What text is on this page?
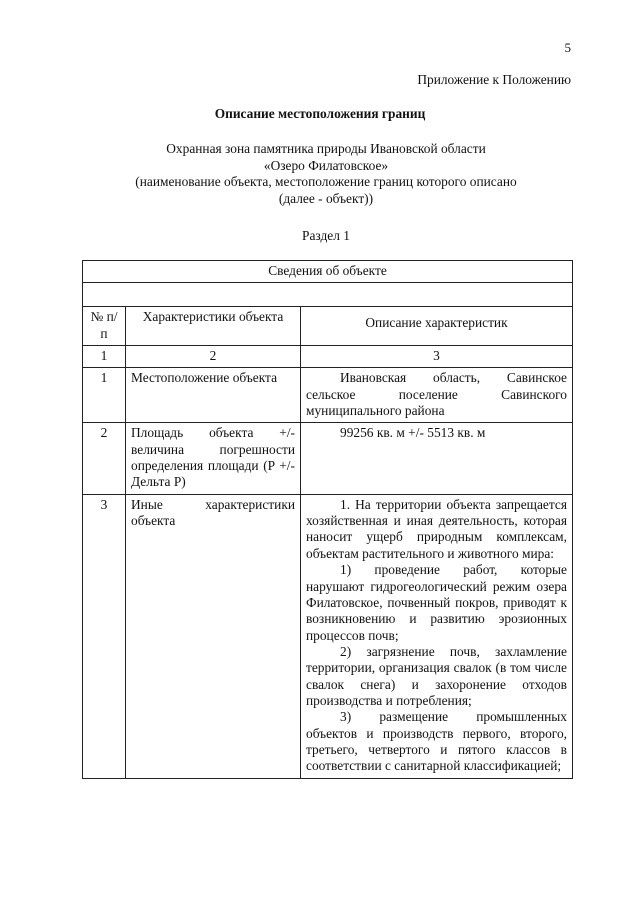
5
Приложение к Положению
Описание местоположения границ
Охранная зона памятника природы Ивановской области
«Озеро Филатовское»
(наименование объекта, местоположение границ которого описано
(далее - объект))
Раздел 1
Сведения об объекте		

№ п/п	Характеристики объекта	Описание характеристик
1	2	3
1	Местоположение объекта	Ивановская область, Савинское сельское поселение Савинского муниципального района

2	Площадь объекта +/- величина погрешности определения площади (P +/- Дельта P)	99256 кв. м +/- 5513 кв. м

3	Иные характеристики объекта	1. На территории объекта запрещается хозяйственная и иная деятельность, которая наносит ущерб природным комплексам, объектам растительного и животного мира:

1) проведение работ, которые нарушают гидрогеологический режим озера Филатовское, почвенный покров, приводят к возникновению и развитию эрозионных процессов почв;

2) загрязнение почв, захламление территории, организация свалок (в том числе свалок снега) и захоронение отходов производства и потребления;

3) размещение промышленных объектов и производств первого, второго, третьего, четвертого и пятого классов в соответствии с санитарной классификацией;
